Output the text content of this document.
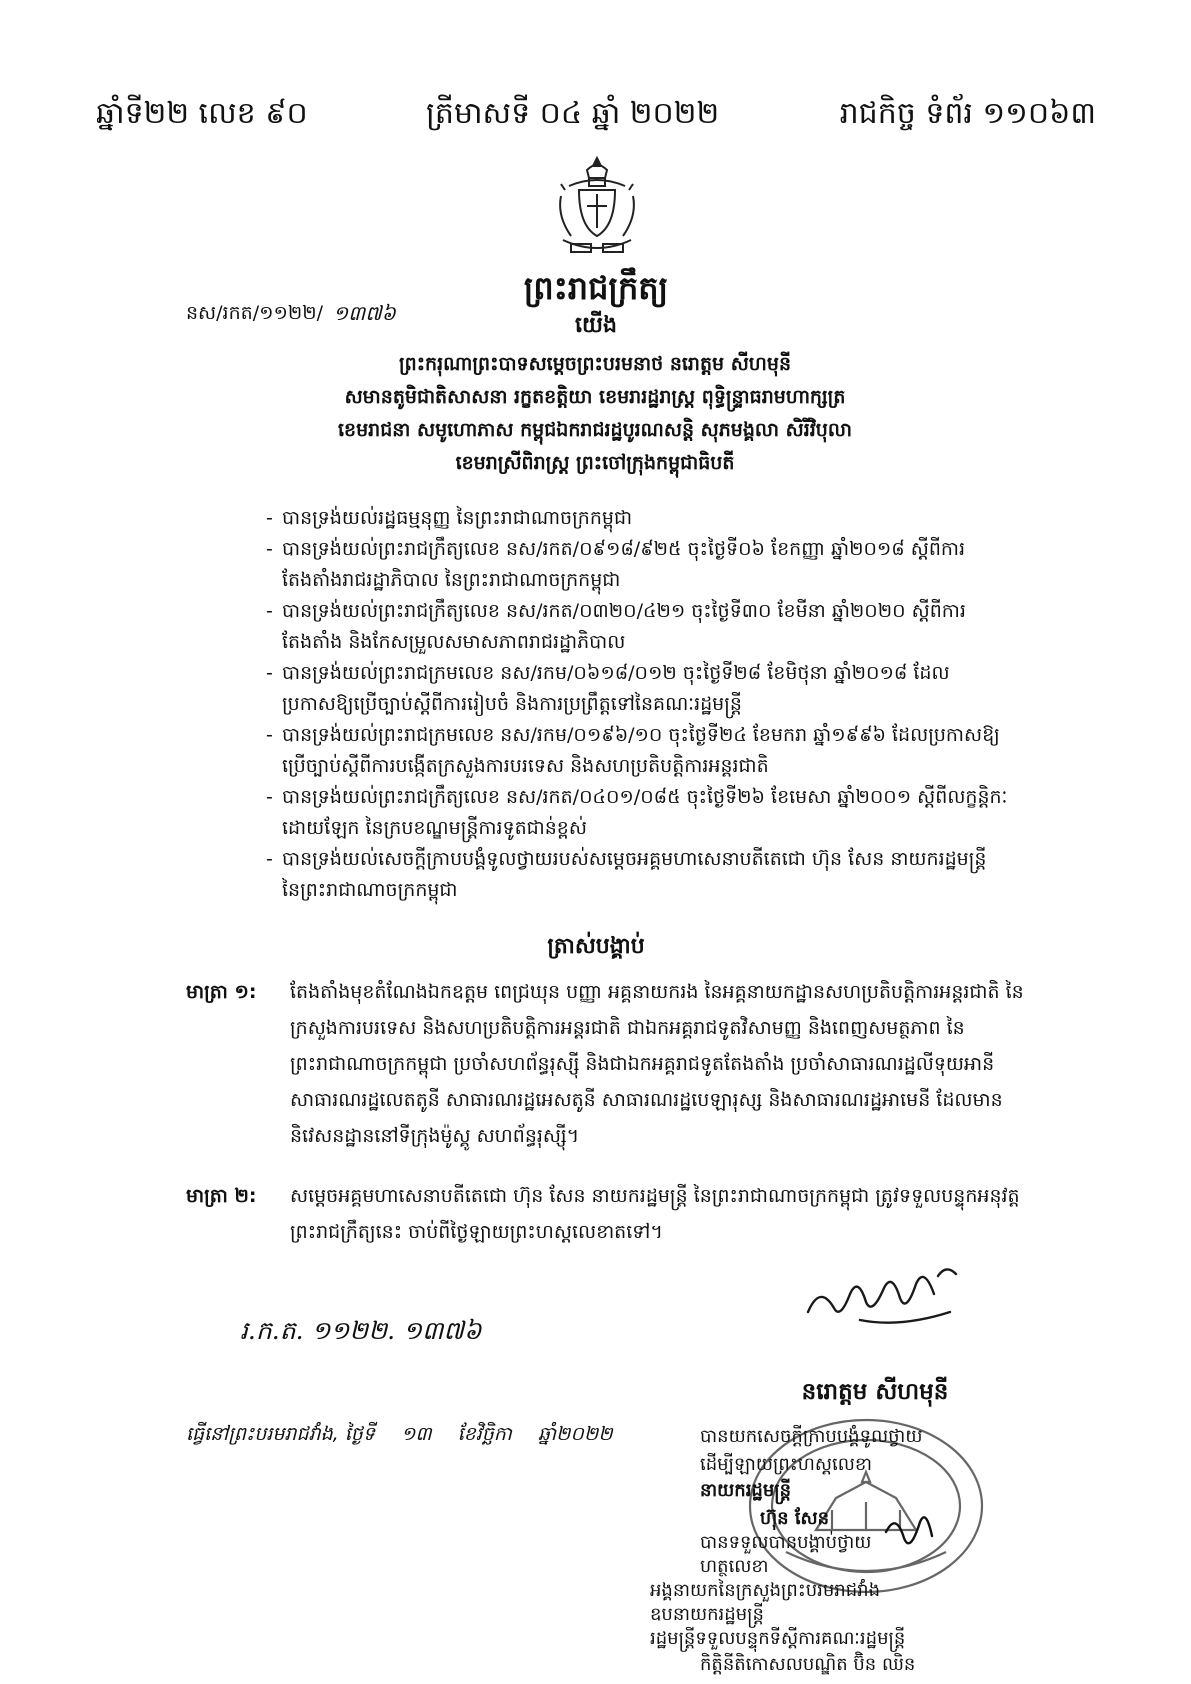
ឆ្នាំទី២២ លេខ ៩០	ត្រីមាសទី ០៤ ឆ្នាំ ២០២២	រាជកិច្ច ទំព័រ ១១០៦៣
ព្រះរាជក្រឹត្យ
នស/រកត/១១២២/ ១៣៧៦	យើង
ព្រះករុណាព្រះបាទសម្តេចព្រះបរមនាថ នរោត្តម សីហមុនី
សមានតូមិជាតិសាសនា រក្ខតខត្តិយា ខេមរារដ្ឋរាស្ត្រ ពុទ្ធិន្ទ្រាធរាមហាក្សត្រ
ខេមរាជនា សមូហោភាស កម្ពុជឯករាជរដ្ឋបូរណសន្តិ សុភមង្គលា សិរីវិបុលា
ខេមរាស្រីពិរាស្ត្រ ព្រះចៅក្រុងកម្ពុជាធិបតី
- បានទ្រង់យល់រដ្ឋធម្មនុញ្ញ នៃព្រះរាជាណាចក្រកម្ពុជា
- បានទ្រង់យល់ព្រះរាជក្រឹត្យលេខ នស/រកត/០៩១៨/៩២៥ ចុះថ្ងៃទី០៦ ខែកញ្ញា ឆ្នាំ២០១៨ ស្តីពីការតែងតាំងរាជរដ្ឋាភិបាល នៃព្រះរាជាណាចក្រកម្ពុជា
- បានទ្រង់យល់ព្រះរាជក្រឹត្យលេខ នស/រកត/០៣២០/៤២១ ចុះថ្ងៃទី៣០ ខែមីនា ឆ្នាំ២០២០ ស្តីពីការតែងតាំង និងកែសម្រួលសមាសភាពរាជរដ្ឋាភិបាល
- បានទ្រង់យល់ព្រះរាជក្រមលេខ នស/រកម/០៦១៨/០១២ ចុះថ្ងៃទី២៨ ខែមិថុនា ឆ្នាំ២០១៨ ដែលប្រកាសឱ្យប្រើច្បាប់ស្តីពីការរៀបចំ និងការប្រព្រឹត្តទៅនៃគណៈរដ្ឋមន្ត្រី
- បានទ្រង់យល់ព្រះរាជក្រមលេខ នស/រកម/០១៩៦/១០ ចុះថ្ងៃទី២៤ ខែមករា ឆ្នាំ១៩៩៦ ដែលប្រកាសឱ្យប្រើច្បាប់ស្តីពីការបង្កើតក្រសួងការបរទេស និងសហប្រតិបត្តិការអន្តរជាតិ
- បានទ្រង់យល់ព្រះរាជក្រឹត្យលេខ នស/រកត/០៤០១/០៨៥ ចុះថ្ងៃទី២៦ ខែមេសា ឆ្នាំ២០០១ ស្តីពីលក្ខន្តិកៈដោយឡែក នៃក្របខណ្ឌមន្ត្រីការទូតជាន់ខ្ពស់
- បានទ្រង់យល់សេចក្តីក្រាបបង្គំទូលថ្វាយរបស់សម្តេចអគ្គមហាសេនាបតីតេជោ ហ៊ុន សែន នាយករដ្ឋមន្ត្រី នៃព្រះរាជាណាចក្រកម្ពុជា
ត្រាស់បង្គាប់
មាត្រា ១: តែងតាំងមុខតំណែងឯកឧត្តម ពេជ្រឃុន បញ្ញា អគ្គនាយករង នៃអគ្គនាយកដ្ឋានសហប្រតិបត្តិការអន្តរជាតិ នៃក្រសួងការបរទេស និងសហប្រតិបត្តិការអន្តរជាតិ ជាឯកអគ្គរាជទូតវិសាមញ្ញ និងពេញសមត្ថភាព នៃព្រះរាជាណាចក្រកម្ពុជា ប្រចាំសហព័ន្ធរុស្ស៊ី និងជាឯកអគ្គរាជទូតតែងតាំង ប្រចាំសាធារណរដ្ឋលីទុយអានី សាធារណរដ្ឋលេតតូនី សាធារណរដ្ឋអេសតូនី សាធារណរដ្ឋបេឡារុស្ស និងសាធារណរដ្ឋអាមេនី ដែលមាននិវេសនដ្ឋាននៅទីក្រុងម៉ូស្គូ សហព័ន្ធរុស្ស៊ី។
មាត្រា ២: សម្តេចអគ្គមហាសេនាបតីតេជោ ហ៊ុន សែន នាយករដ្ឋមន្ត្រី នៃព្រះរាជាណាចក្រកម្ពុជា ត្រូវទទួលបន្ទុកអនុវត្តព្រះរាជក្រឹត្យនេះ ចាប់ពីថ្ងៃឡាយព្រះហស្តលេខាតទៅ។
រ.ក.ត. ១១២២. ១៣៧៦
នរោត្តម សីហមុនី
ធ្វើនៅព្រះបរមរាជវាំង, ថ្ងៃទី ១៣ ខែវិច្ឆិកា ឆ្នាំ២០២២	បានយកសេចក្តីក្រាបបង្គំទូលថ្វាយ
ដើម្បីឡាយព្រះហស្តលេខា
នាយករដ្ឋមន្ត្រី
ហ៊ុន សែន
បានទទួលបានបង្គាប់ថ្វាយ
ហត្ថលេខា
អង្គនាយកនៃក្រសួងព្រះបរមរាជវាំង
ឧបនាយករដ្ឋមន្ត្រី
រដ្ឋមន្ត្រីទទួលបន្ទុកទីស្តីការគណៈរដ្ឋមន្ត្រី
កិត្តិនីតិកោសលបណ្ឌិត ប៊ិន ឈិន
